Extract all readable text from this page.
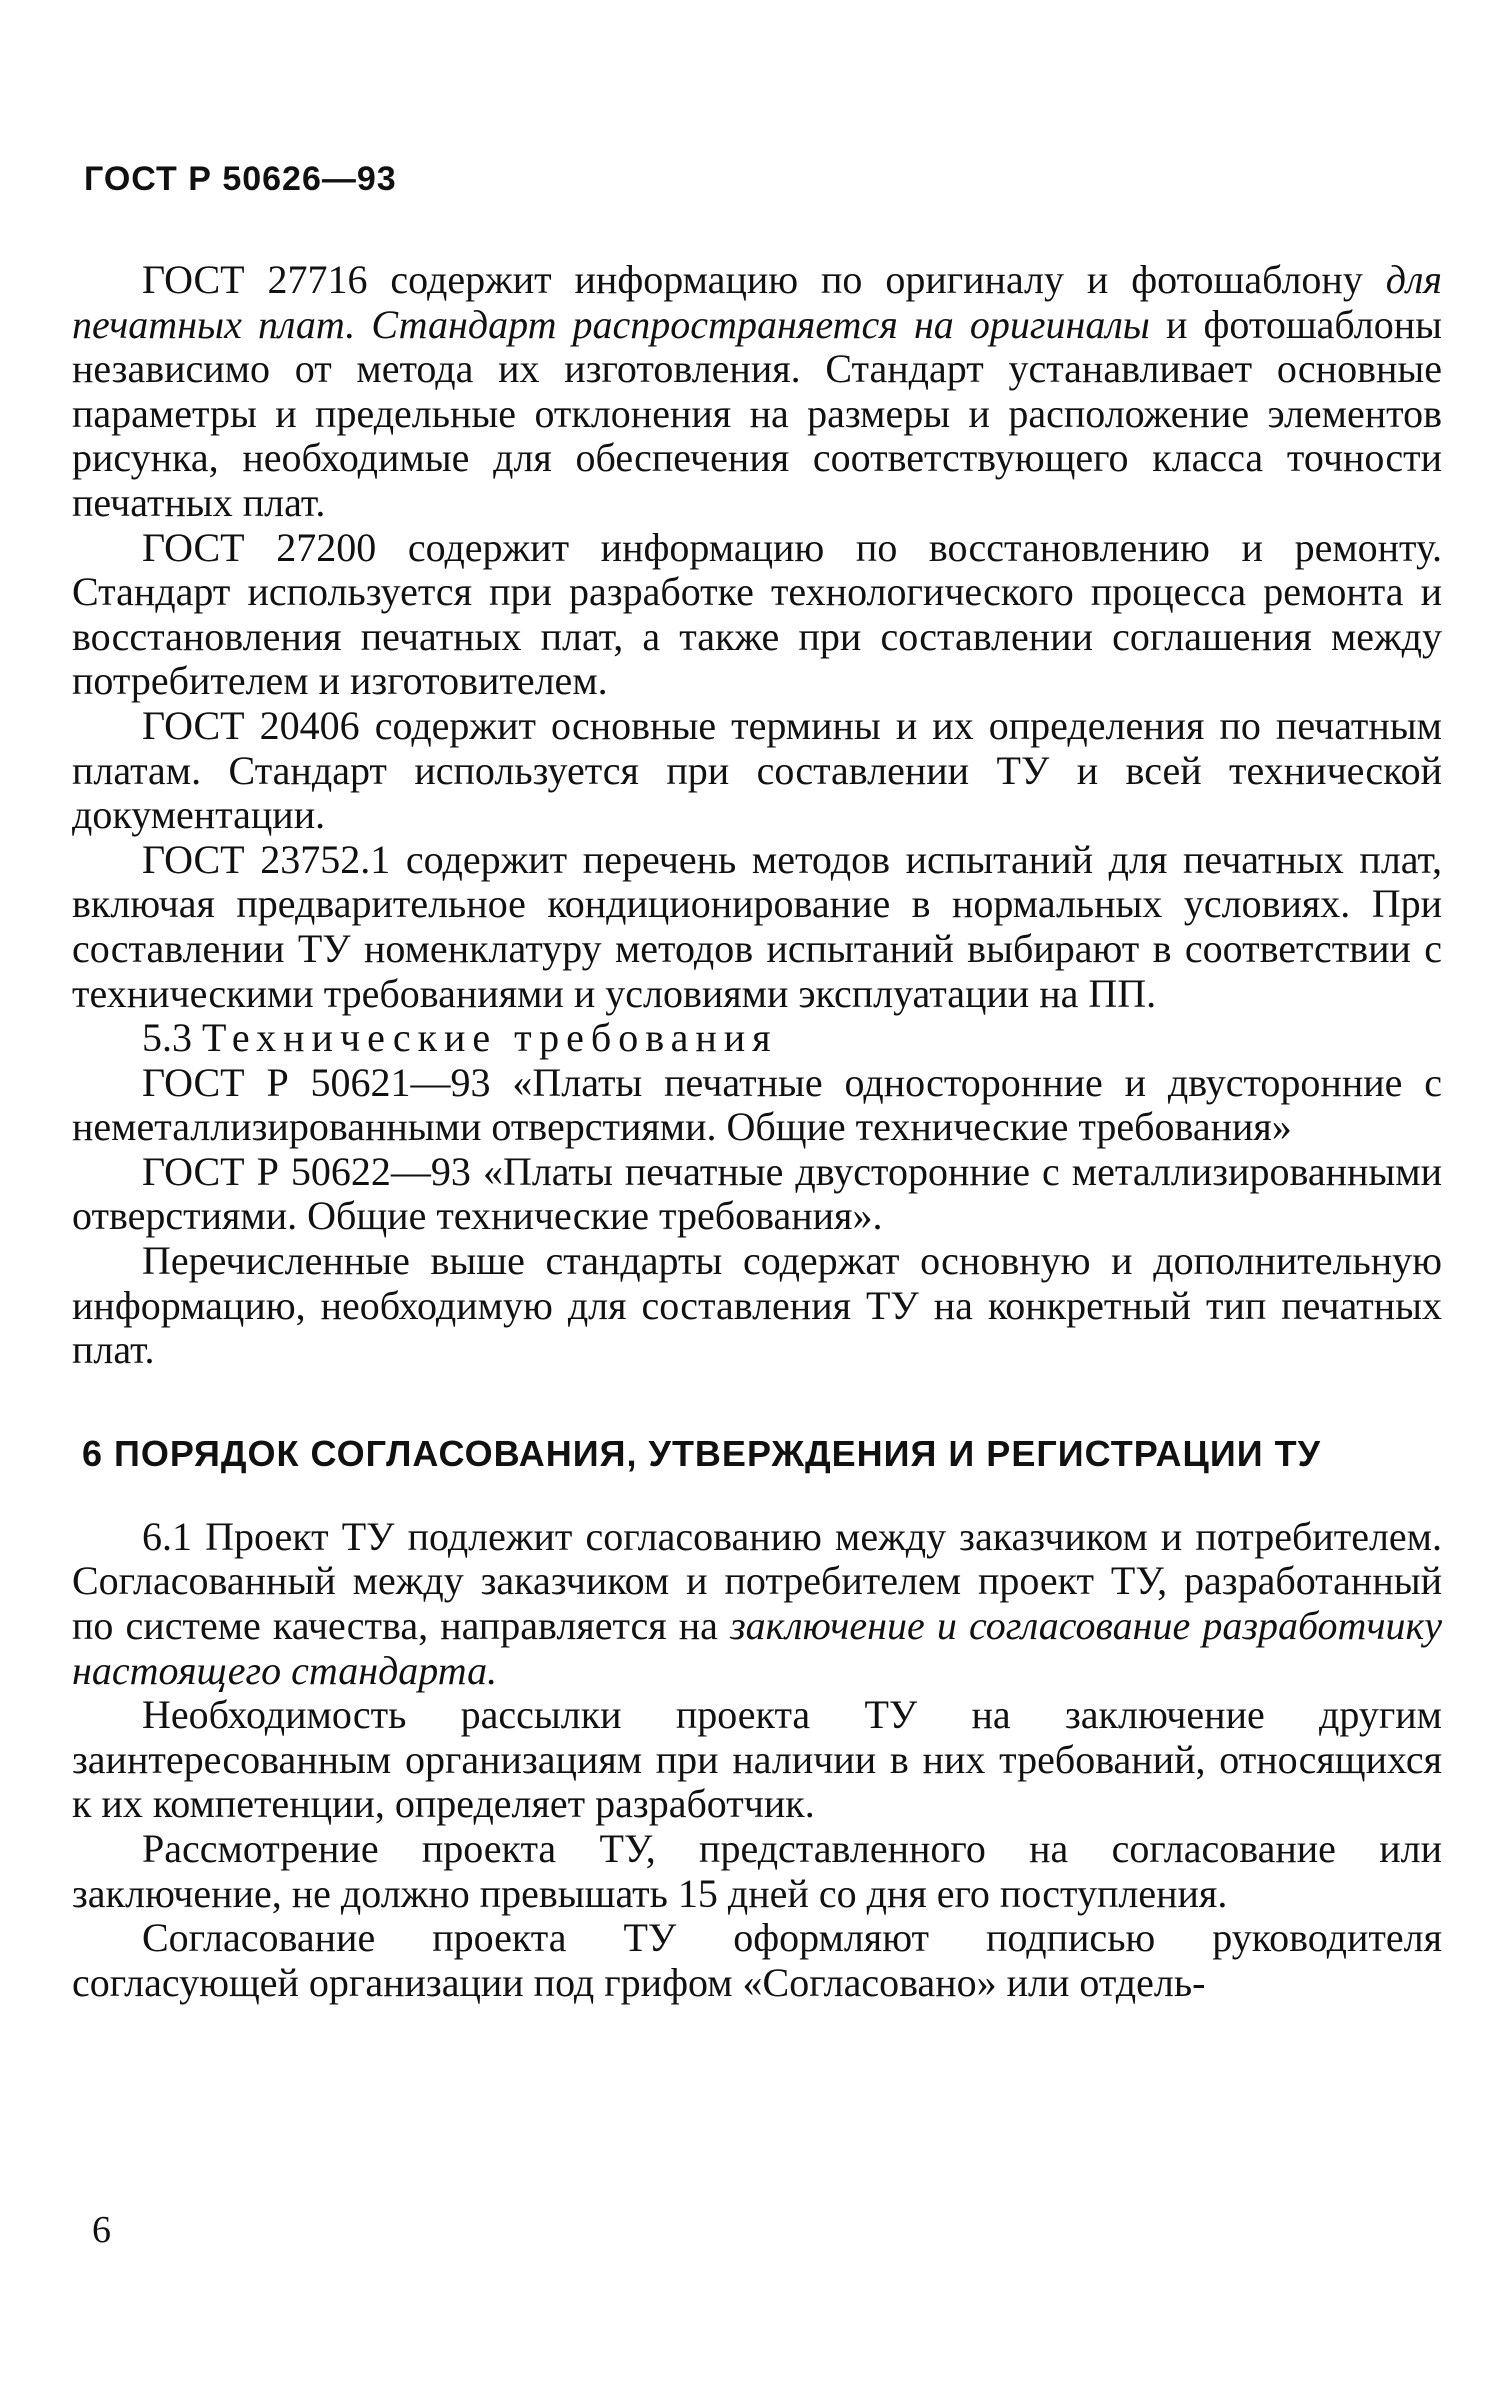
ГОСТ Р 50626—93

ГОСТ 27716 содержит информацию по оригиналу и фотошаблону для печатных плат. Стандарт распространяется на оригиналы и фотошаблоны независимо от метода их изготовления. Стандарт устанавливает основные параметры и предельные отклонения на размеры и расположение элементов рисунка, необходимые для обеспечения соответствующего класса точности печатных плат.

ГОСТ 27200 содержит информацию по восстановлению и ремонту. Стандарт используется при разработке технологического процесса ремонта и восстановления печатных плат, а также при составлении соглашения между потребителем и изготовителем.

ГОСТ 20406 содержит основные термины и их определения по печатным платам. Стандарт используется при составлении ТУ и всей технической документации.

ГОСТ 23752.1 содержит перечень методов испытаний для печатных плат, включая предварительное кондиционирование в нормальных условиях. При составлении ТУ номенклатуру методов испытаний выбирают в соответствии с техническими требованиями и условиями эксплуатации на ПП.

5.3 Технические требования

ГОСТ Р 50621—93 «Платы печатные односторонние и двусторонние с неметаллизированными отверстиями. Общие технические требования»

ГОСТ Р 50622—93 «Платы печатные двусторонние с металлизированными отверстиями. Общие технические требования».

Перечисленные выше стандарты содержат основную и дополнительную информацию, необходимую для составления ТУ на конкретный тип печатных плат.

6 ПОРЯДОК СОГЛАСОВАНИЯ, УТВЕРЖДЕНИЯ И РЕГИСТРАЦИИ ТУ

6.1 Проект ТУ подлежит согласованию между заказчиком и потребителем. Согласованный между заказчиком и потребителем проект ТУ, разработанный по системе качества, направляется на заключение и согласование разработчику настоящего стандарта.

Необходимость рассылки проекта ТУ на заключение другим заинтересованным организациям при наличии в них требований, относящихся к их компетенции, определяет разработчик.

Рассмотрение проекта ТУ, представленного на согласование или заключение, не должно превышать 15 дней со дня его поступления.

Согласование проекта ТУ оформляют подписью руководителя согласующей организации под грифом «Согласовано» или отдель-

6
